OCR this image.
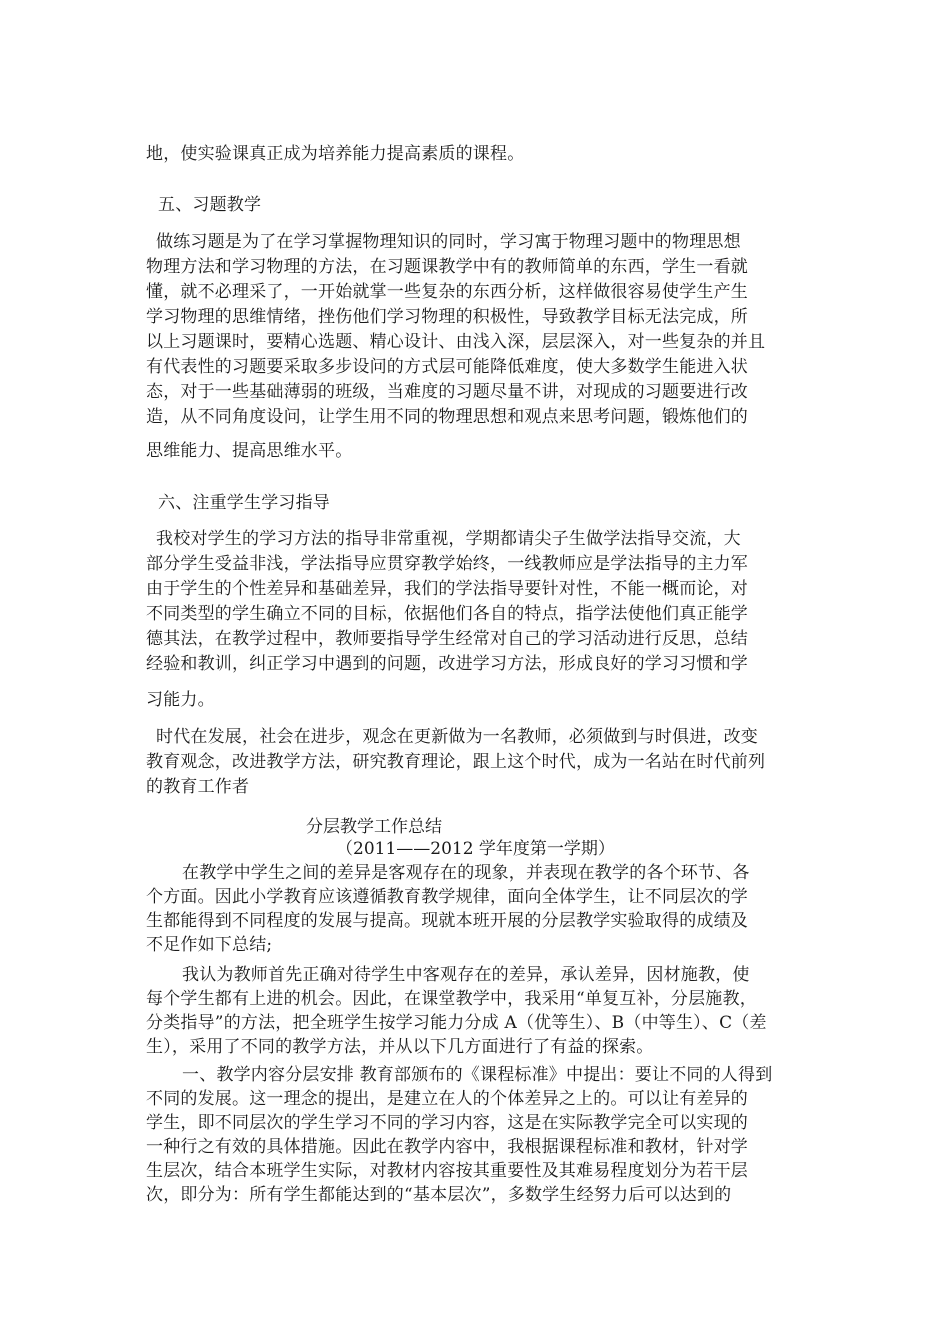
地，使实验课真正成为培养能力提高素质的课程。
五、习题教学
做练习题是为了在学习掌握物理知识的同时，学习寓于物理习题中的物理思想
物理方法和学习物理的方法，在习题课教学中有的教师简单的东西，学生一看就
懂，就不必理采了，一开始就掌一些复杂的东西分析，这样做很容易使学生产生
学习物理的思维情绪，挫伤他们学习物理的积极性，导致教学目标无法完成，所
以上习题课时，要精心选题、精心设计、由浅入深，层层深入，对一些复杂的并且
有代表性的习题要采取多步设问的方式层可能降低难度，使大多数学生能进入状
态，对于一些基础薄弱的班级，当难度的习题尽量不讲，对现成的习题要进行改
造，从不同角度设问，让学生用不同的物理思想和观点来思考问题，锻炼他们的
思维能力、提高思维水平。
六、注重学生学习指导
我校对学生的学习方法的指导非常重视，学期都请尖子生做学法指导交流，大
部分学生受益非浅，学法指导应贯穿教学始终，一线教师应是学法指导的主力军
由于学生的个性差异和基础差异，我们的学法指导要针对性，不能一概而论，对
不同类型的学生确立不同的目标，依据他们各自的特点，指学法使他们真正能学
德其法，在教学过程中，教师要指导学生经常对自己的学习活动进行反思，总结
经验和教训，纠正学习中遇到的问题，改进学习方法，形成良好的学习习惯和学
习能力。
时代在发展，社会在进步，观念在更新做为一名教师，必须做到与时俱进，改变
教育观念，改进教学方法，研究教育理论，跟上这个时代，成为一名站在时代前列
的教育工作者
分层教学工作总结
（2011——2012 学年度第一学期）
在教学中学生之间的差异是客观存在的现象，并表现在教学的各个环节、各
个方面。因此小学教育应该遵循教育教学规律，面向全体学生，让不同层次的学
生都能得到不同程度的发展与提高。现就本班开展的分层教学实验取得的成绩及
不足作如下总结;
我认为教师首先正确对待学生中客观存在的差异，承认差异，因材施教，使
每个学生都有上进的机会。因此，在课堂教学中，我采用“单复互补，分层施教，
分类指导”的方法，把全班学生按学习能力分成 A（优等生）、B（中等生）、C（差
生），采用了不同的教学方法，并从以下几方面进行了有益的探索。
一、教学内容分层安排 教育部颁布的《课程标准》中提出：要让不同的人得到
不同的发展。这一理念的提出，是建立在人的个体差异之上的。可以让有差异的
学生，即不同层次的学生学习不同的学习内容，这是在实际教学完全可以实现的
一种行之有效的具体措施。因此在教学内容中，我根据课程标准和教材，针对学
生层次，结合本班学生实际，对教材内容按其重要性及其难易程度划分为若干层
次，即分为：所有学生都能达到的“基本层次”，多数学生经努力后可以达到的
